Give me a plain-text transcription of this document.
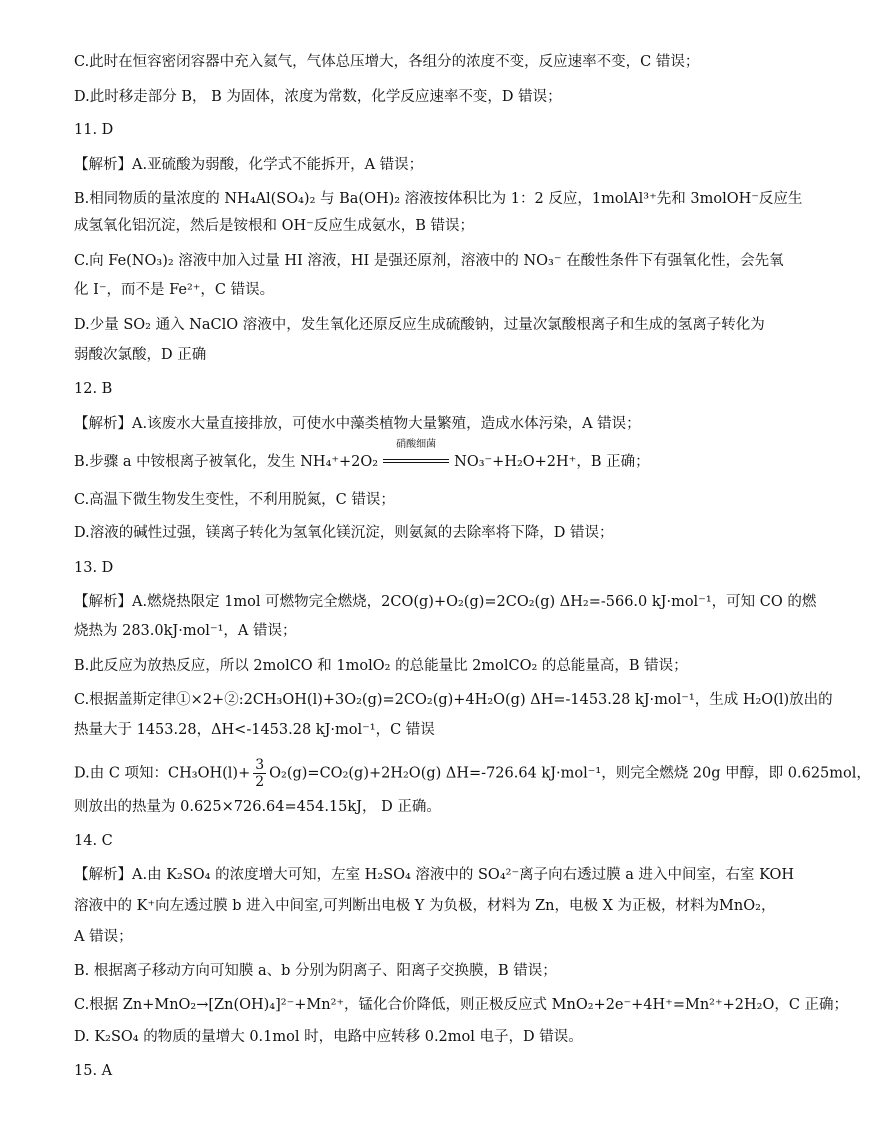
C.此时在恒容密闭容器中充入氦气，气体总压增大，各组分的浓度不变，反应速率不变，C 错误；
D.此时移走部分 B， B 为固体，浓度为常数，化学反应速率不变，D 错误；
11. D
【解析】A.亚硫酸为弱酸，化学式不能拆开，A 错误；
B.相同物质的量浓度的 NH₄Al(SO₄)₂ 与 Ba(OH)₂ 溶液按体积比为 1：2 反应，1molAl³⁺先和 3molOH⁻反应生
成氢氧化铝沉淀，然后是铵根和 OH⁻反应生成氨水，B 错误；
C.向 Fe(NO₃)₂ 溶液中加入过量 HI 溶液，HI 是强还原剂，溶液中的 NO₃⁻ 在酸性条件下有强氧化性，会先氧
化 I⁻，而不是 Fe²⁺，C 错误。
D.少量 SO₂ 通入 NaClO 溶液中，发生氧化还原反应生成硫酸钠，过量次氯酸根离子和生成的氢离子转化为
弱酸次氯酸，D 正确
12. B
【解析】A.该废水大量直接排放，可使水中藻类植物大量繁殖，造成水体污染，A 错误；
B.步骤 a 中铵根离子被氧化，发生 NH₄⁺+2O₂
硝酸细菌
NO₃⁻+H₂O+2H⁺，B 正确；
C.高温下微生物发生变性，不利用脱氮，C 错误；
D.溶液的碱性过强，镁离子转化为氢氧化镁沉淀，则氨氮的去除率将下降，D 错误；
13. D
【解析】A.燃烧热限定 1mol 可燃物完全燃烧，2CO(g)+O₂(g)=2CO₂(g) ΔH₂=-566.0 kJ·mol⁻¹，可知 CO 的燃
烧热为 283.0kJ·mol⁻¹，A 错误；
B.此反应为放热反应，所以 2molCO 和 1molO₂ 的总能量比 2molCO₂ 的总能量高，B 错误；
C.根据盖斯定律①×2+②:2CH₃OH(l)+3O₂(g)=2CO₂(g)+4H₂O(g) ΔH=-1453.28 kJ·mol⁻¹，生成 H₂O(l)放出的
热量大于 1453.28，ΔH<-1453.28 kJ·mol⁻¹，C 错误
D.由 C 项知：$CH_3OH(l)+ \frac{3}{2} O_2(g)=CO_2(g)+2H_2O(g)$ ΔH=-726.64 kJ·mol⁻¹，则完全燃烧 20g 甲醇，即 0.625mol，
则放出的热量为 0.625×726.64=454.15kJ， D 正确。
14. C
【解析】A.由 K₂SO₄ 的浓度增大可知，左室 H₂SO₄ 溶液中的 SO₄²⁻离子向右透过膜 a 进入中间室，右室 KOH
溶液中的 K⁺向左透过膜 b 进入中间室,可判断出电极 Y 为负极，材料为 Zn，电极 X 为正极，材料为MnO₂，
A 错误；
B. 根据离子移动方向可知膜 a、b 分别为阴离子、阳离子交换膜，B 错误；
C.根据 Zn+MnO₂→[Zn(OH)₄]²⁻+Mn²⁺，锰化合价降低，则正极反应式 MnO₂+2e⁻+4H⁺=Mn²⁺+2H₂O，C 正确；
D. K₂SO₄ 的物质的量增大 0.1mol 时，电路中应转移 0.2mol 电子，D 错误。
15. A
